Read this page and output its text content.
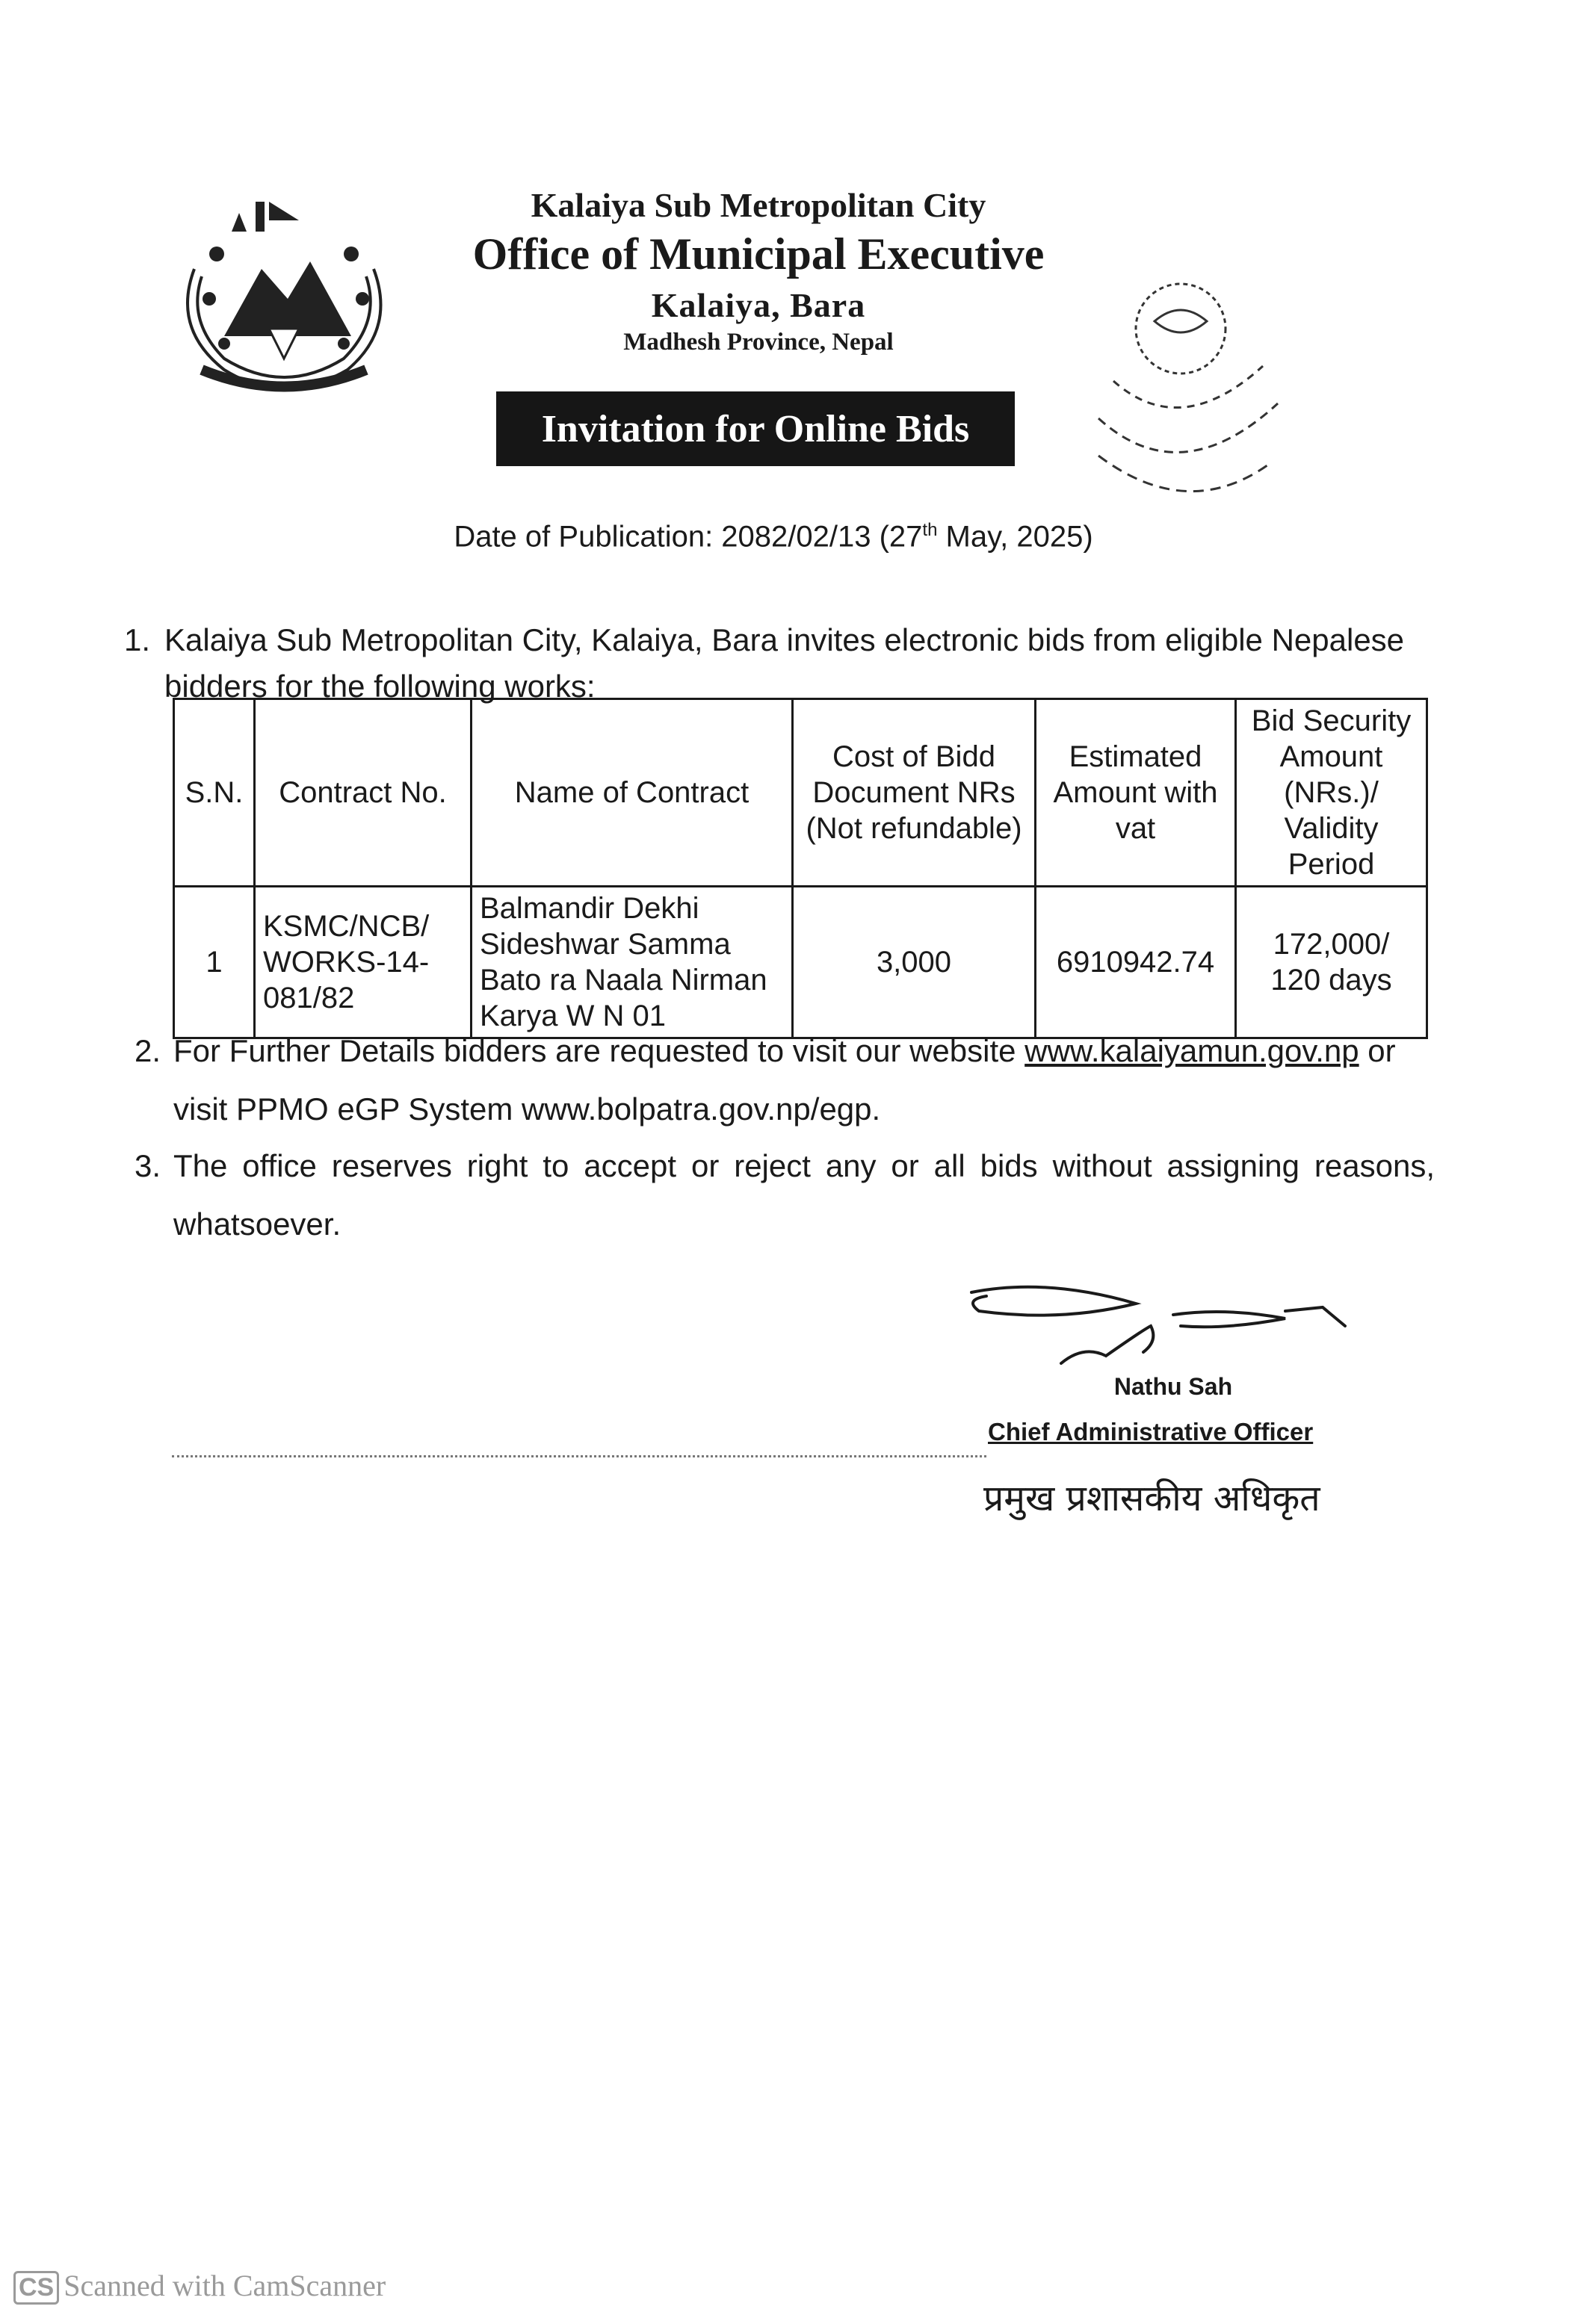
Kalaiya Sub Metropolitan City
Office of Municipal Executive
Kalaiya, Bara
Madhesh Province, Nepal
Invitation for Online Bids
Date of Publication: 2082/02/13 (27th May, 2025)
1. Kalaiya Sub Metropolitan City, Kalaiya, Bara invites electronic bids from eligible Nepalese bidders for the following works:
S.N.	Contract No.	Name of Contract	Cost of Bidd Document NRs (Not refundable)	Estimated Amount with vat	Bid Security Amount (NRs.)/ Validity Period
1	KSMC/NCB/ WORKS-14-081/82	Balmandir Dekhi Sideshwar Samma Bato ra Naala Nirman Karya W N 01	3,000	6910942.74	172,000/ 120 days
2. For Further Details bidders are requested to visit our website www.kalaiyamun.gov.np or visit PPMO eGP System www.bolpatra.gov.np/egp.
3. The office reserves right to accept or reject any or all bids without assigning reasons, whatsoever.
Nathu Sah
Chief Administrative Officer
प्रमुख प्रशासकीय अधिकृत
CS Scanned with CamScanner
